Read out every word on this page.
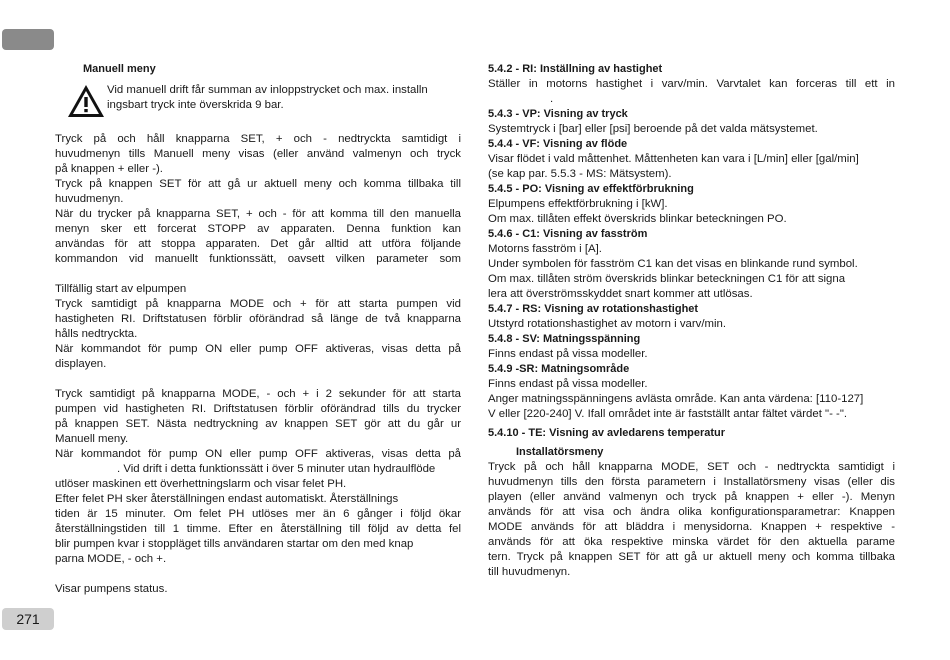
Manuell meny
Vid manuell drift får summan av inloppstrycket och max. installn
ingsbart tryck inte överskrida 9 bar.
Tryck på och håll knapparna SET, + och - nedtryckta samtidigt i
huvudmenyn tills Manuell meny visas (eller använd valmenyn och tryck
på knappen + eller -).
Tryck på knappen SET för att gå ur aktuell meny och komma tillbaka till
huvudmenyn.
När du trycker på knapparna SET, + och - för att komma till den manuella
menyn sker ett forcerat STOPP av apparaten. Denna funktion kan
användas för att stoppa apparaten. Det går alltid att utföra följande
kommandon vid manuellt funktionssätt, oavsett vilken parameter som
Tillfällig start av elpumpen
Tryck samtidigt på knapparna MODE och + för att starta pumpen vid
hastigheten RI. Driftstatusen förblir oförändrad så länge de två knapparna
hålls nedtryckta.
När kommandot för pump ON eller pump OFF aktiveras, visas detta på
displayen.
Tryck samtidigt på knapparna MODE, - och + i 2 sekunder för att starta
pumpen vid hastigheten RI. Driftstatusen förblir oförändrad tills du trycker
på knappen SET. Nästa nedtryckning av knappen SET gör att du går ur
Manuell meny.
När kommandot för pump ON eller pump OFF aktiveras, visas detta på
. Vid drift i detta funktionssätt i över 5 minuter utan hydraulflöde
utlöser maskinen ett överhettningslarm och visar felet PH.
Efter felet PH sker återställningen endast automatiskt. Återställnings
tiden är 15 minuter. Om felet PH utlöses mer än 6 gånger i följd ökar
återställningstiden till 1 timme. Efter en återställning till följd av detta fel
blir pumpen kvar i stoppläget tills användaren startar om den med knap
parna MODE, - och +.
Visar pumpens status.
5.4.2 - RI: Inställning av hastighet
Ställer in motorns hastighet i varv/min. Varvtalet kan forceras till ett in
.
5.4.3 - VP: Visning av tryck
Systemtryck i [bar] eller [psi] beroende på det valda mätsystemet.
5.4.4 - VF: Visning av flöde
Visar flödet i vald måttenhet. Måttenheten kan vara i [L/min] eller [gal/min]
(se kap par. 5.5.3 - MS: Mätsystem).
5.4.5 - PO: Visning av effektförbrukning
Elpumpens effektförbrukning i [kW].
Om max. tillåten effekt överskrids blinkar beteckningen PO.
5.4.6 - C1: Visning av fasström
Motorns fasström i [A].
Under symbolen för fasström C1 kan det visas en blinkande rund symbol.
Om max. tillåten ström överskrids blinkar beteckningen C1 för att signa
lera att överströmsskyddet snart kommer att utlösas.
5.4.7 - RS: Visning av rotationshastighet
Utstyrd rotationshastighet av motorn i varv/min.
5.4.8 - SV: Matningsspänning
Finns endast på vissa modeller.
5.4.9 -SR: Matningsområde
Finns endast på vissa modeller.
Anger matningsspänningens avlästa område. Kan anta värdena: [110-127]
V eller [220-240] V. Ifall området inte är fastställt antar fältet värdet "- -".
5.4.10 - TE: Visning av avledarens temperatur
Installatörsmeny
Tryck på och håll knapparna MODE, SET och - nedtryckta samtidigt i
huvudmenyn tills den första parametern i Installatörsmeny visas (eller dis
playen (eller använd valmenyn och tryck på knappen + eller -). Menyn
används för att visa och ändra olika konfigurationsparametrar: Knappen
MODE används för att bläddra i menysidorna. Knappen + respektive -
används för att öka respektive minska värdet för den aktuella parame
tern. Tryck på knappen SET för att gå ur aktuell meny och komma tillbaka
till huvudmenyn.
271
